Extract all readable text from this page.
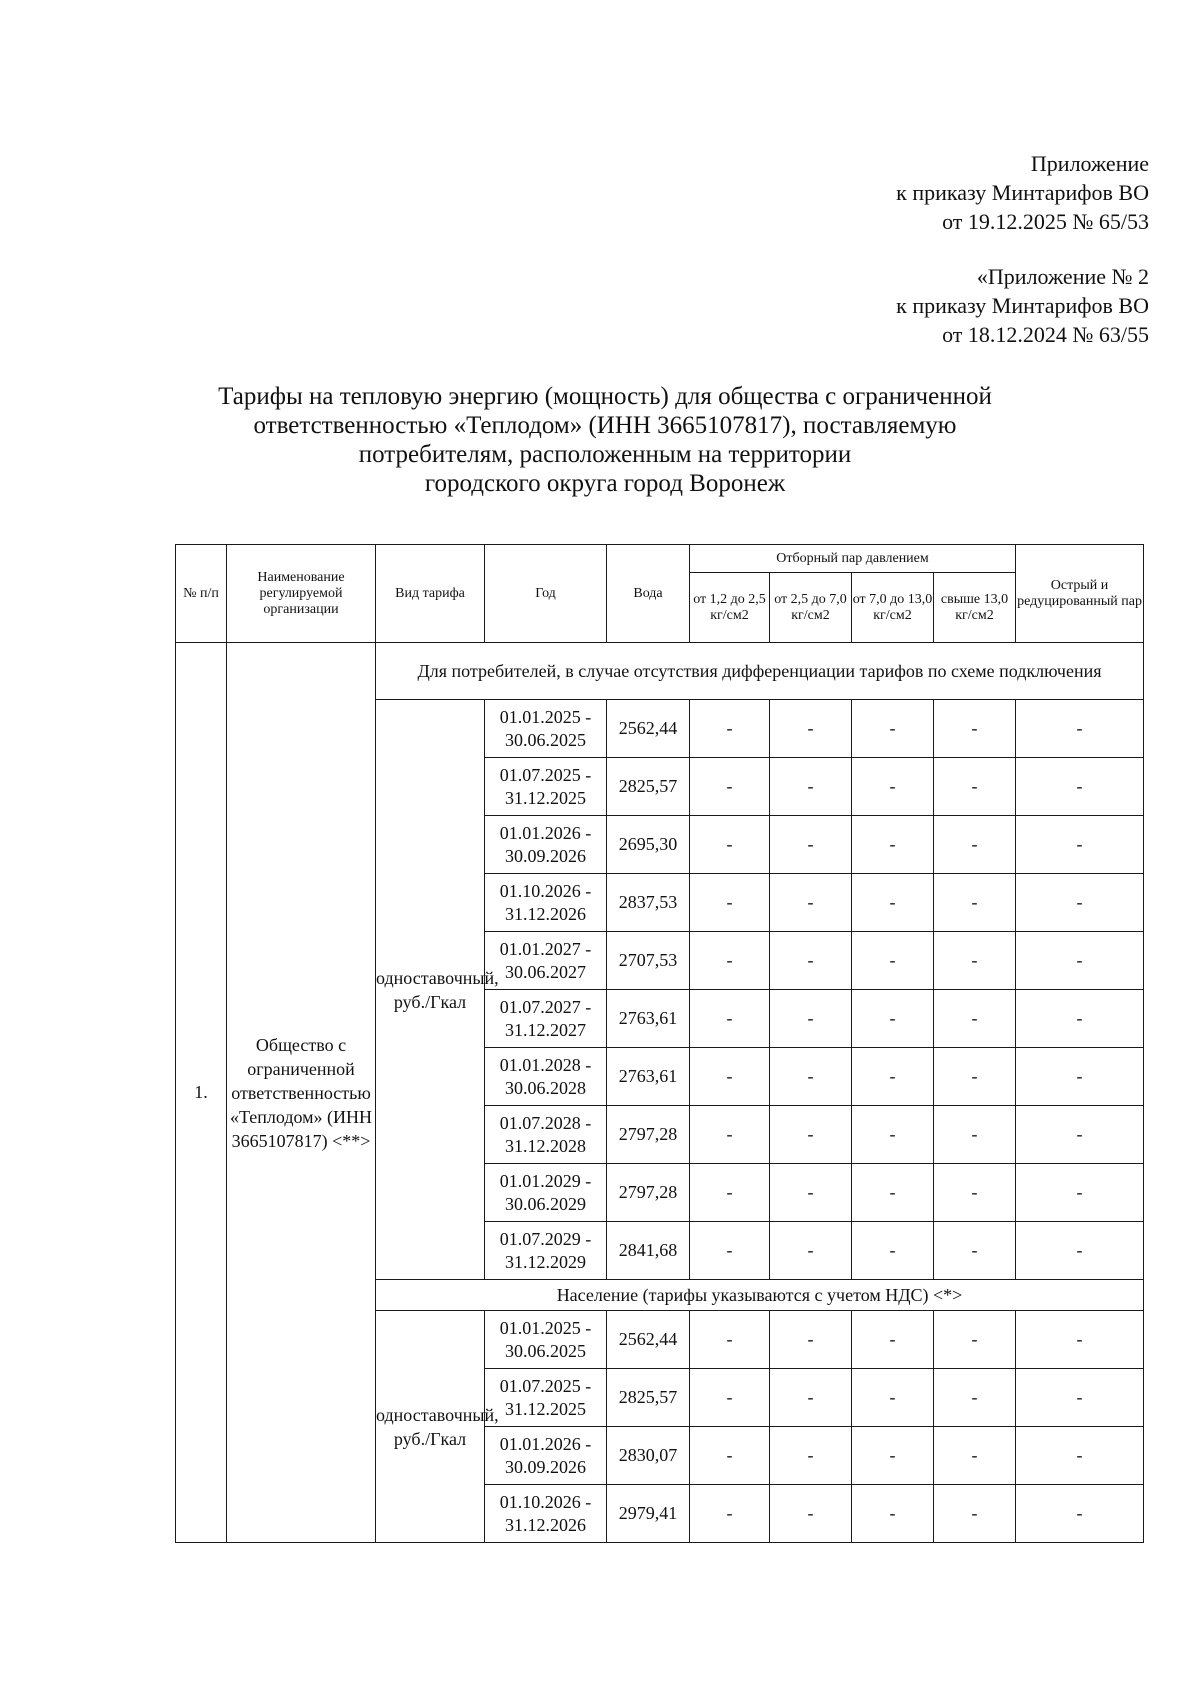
Приложение
к приказу Минтарифов ВО
от 19.12.2025 № 65/53
«Приложение № 2
к приказу Минтарифов ВО
от 18.12.2024 № 63/55
Тарифы на тепловую энергию (мощность) для общества с ограниченной
ответственностью «Теплодом» (ИНН 3665107817), поставляемую
потребителям, расположенным на территории
городского округа город Воронеж
№ п/п	Наименование регулируемой организации	Вид тарифа	Год	Вода	Отборный пар давлением				Острый и редуцированный пар
					от 1,2 до 2,5 кг/см2	от 2,5 до 7,0 кг/см2	от 7,0 до 13,0 кг/см2	свыше 13,0 кг/см2	
1.	Общество с ограниченной ответственностью «Теплодом» (ИНН 3665107817) <**>	Для потребителей, в случае отсутствия дифференциации тарифов по схеме подключения							
		одноставочный, руб./Гкал	01.01.2025 -
30.06.2025	2562,44	-	-	-	-	-

			01.07.2025 -
31.12.2025	2825,57	-	-	-	-	-

			01.01.2026 -
30.09.2026	2695,30	-	-	-	-	-

			01.10.2026 -
31.12.2026	2837,53	-	-	-	-	-

			01.01.2027 -
30.06.2027	2707,53	-	-	-	-	-

			01.07.2027 -
31.12.2027	2763,61	-	-	-	-	-

			01.01.2028 -
30.06.2028	2763,61	-	-	-	-	-

			01.07.2028 -
31.12.2028	2797,28	-	-	-	-	-

			01.01.2029 -
30.06.2029	2797,28	-	-	-	-	-

			01.07.2029 -
31.12.2029	2841,68	-	-	-	-	-
		Население (тарифы указываются с учетом НДС) <*>							
		одноставочный, руб./Гкал	01.01.2025 -
30.06.2025	2562,44	-	-	-	-	-

			01.07.2025 -
31.12.2025	2825,57	-	-	-	-	-

			01.01.2026 -
30.09.2026	2830,07	-	-	-	-	-

			01.10.2026 -
31.12.2026	2979,41	-	-	-	-	-
